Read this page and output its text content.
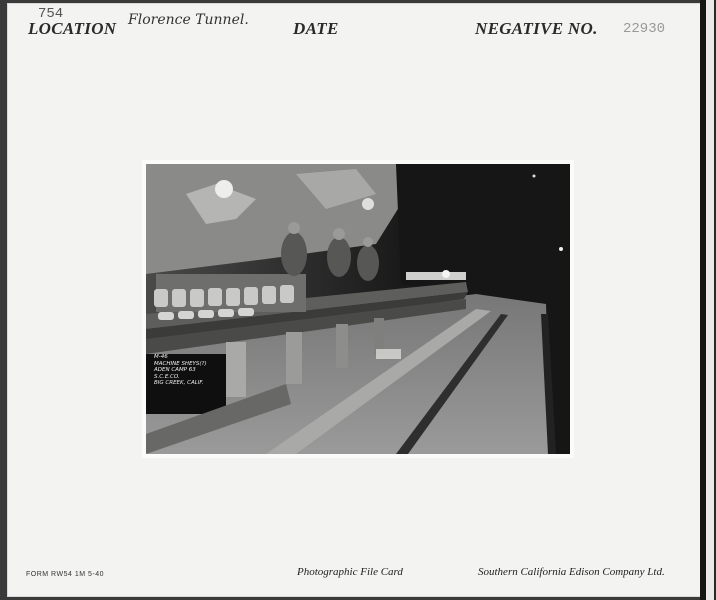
754
LOCATION Florence Tunnel.	DATE	NEGATIVE NO. 22930
M-46
MACHINE SHEYS(?)
ADEN CAMP 63
S.C.E.CO.
BIG CREEK, CALIF.
FORM RW54 1M 5-40	Photographic File Card	Southern California Edison Company Ltd.
